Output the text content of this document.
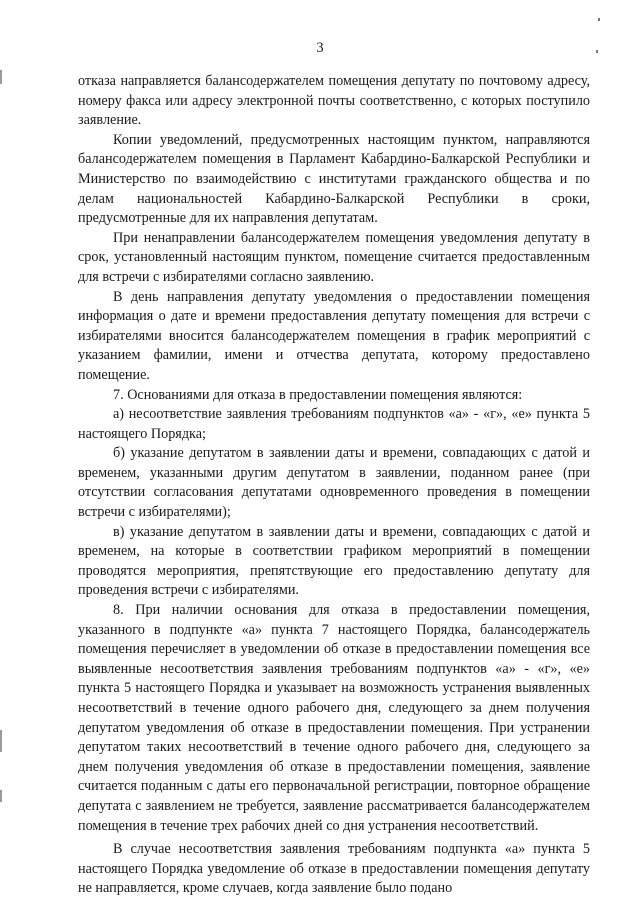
3

отказа направляется балансодержателем помещения депутату по почтовому адресу, номеру факса или адресу электронной почты соответственно, с которых поступило заявление.

Копии уведомлений, предусмотренных настоящим пунктом, направляются балансодержателем помещения в Парламент Кабардино-Балкарской Республики и Министерство по взаимодействию с институтами гражданского общества и по делам национальностей Кабардино-Балкарской Республики в сроки, предусмотренные для их направления депутатам.

При ненаправлении балансодержателем помещения уведомления депутату в срок, установленный настоящим пунктом, помещение считается предоставленным для встречи с избирателями согласно заявлению.

В день направления депутату уведомления о предоставлении помещения информация о дате и времени предоставления депутату помещения для встречи с избирателями вносится балансодержателем помещения в график мероприятий с указанием фамилии, имени и отчества депутата, которому предоставлено помещение.

7. Основаниями для отказа в предоставлении помещения являются:

а) несоответствие заявления требованиям подпунктов «а» - «г», «е» пункта 5 настоящего Порядка;

б) указание депутатом в заявлении даты и времени, совпадающих с датой и временем, указанными другим депутатом в заявлении, поданном ранее (при отсутствии согласования депутатами одновременного проведения в помещении встречи с избирателями);

в) указание депутатом в заявлении даты и времени, совпадающих с датой и временем, на которые в соответствии графиком мероприятий в помещении проводятся мероприятия, препятствующие его предоставлению депутату для проведения встречи с избирателями.

8. При наличии основания для отказа в предоставлении помещения, указанного в подпункте «а» пункта 7 настоящего Порядка, балансодержатель помещения перечисляет в уведомлении об отказе в предоставлении помещения все выявленные несоответствия заявления требованиям подпунктов «а» - «г», «е» пункта 5 настоящего Порядка и указывает на возможность устранения выявленных несоответствий в течение одного рабочего дня, следующего за днем получения депутатом уведомления об отказе в предоставлении помещения. При устранении депутатом таких несоответствий в течение одного рабочего дня, следующего за днем получения уведомления об отказе в предоставлении помещения, заявление считается поданным с даты его первоначальной регистрации, повторное обращение депутата с заявлением не требуется, заявление рассматривается балансодержателем помещения в течение трех рабочих дней со дня устранения несоответствий.

В случае несоответствия заявления требованиям подпункта «а» пункта 5 настоящего Порядка уведомление об отказе в предоставлении помещения депутату не направляется, кроме случаев, когда заявление было подано
